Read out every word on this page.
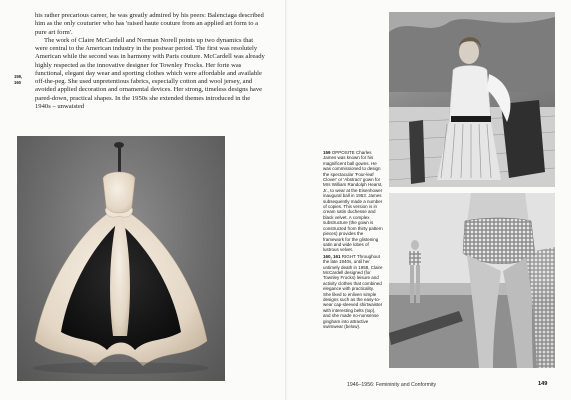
159,
160

his rather precarious career, he was greatly admired by his peers: Balenciaga described him as the only couturier who has 'raised haute couture from an applied art form to a pure art form'.

The work of Claire McCardell and Norman Norell points up two dynamics that were central to the American industry in the postwar period. The first was resolutely American while the second was in harmony with Paris couture. McCardell was already highly respected as the innovative designer for Townley Frocks. Her forte was functional, elegant day wear and sporting clothes which were affordable and available off-the-peg. She used unpretentious fabrics, especially cotton and wool jersey, and avoided applied decoration and ornamental devices. Her strong, timeless designs have pared-down, practical shapes. In the 1950s she extended themes introduced in the 1940s – unwaisted

159 OPPOSITE Charles James was known for his magnificent ball gowns. He was commissioned to design the spectacular 'Four-leaf Clover' or 'Abstract' gown for Mrs William Randolph Hearst, Jr., to wear at the Eisenhower inaugural ball in 1953. James subsequently made a number of copies. This version is in cream satin duchesse and black velvet. A complex substructure (the gown is constructed from thirty pattern pieces) provides the framework for the glistening satin and wide lobes of lustrous velvet.

160, 161 RIGHT Throughout the late 1940s, until her untimely death in 1958, Claire McCardell designed (for Townley Frocks) leisure and activity clothes that combined elegance with practicality. She liked to enliven simple designs such as the easy-to-wear cap-sleeved shirtwaister with interesting belts (top), and she made no-nonsense gingham into attractive swimwear (below).

1946–1956: Femininity and Conformity	149
